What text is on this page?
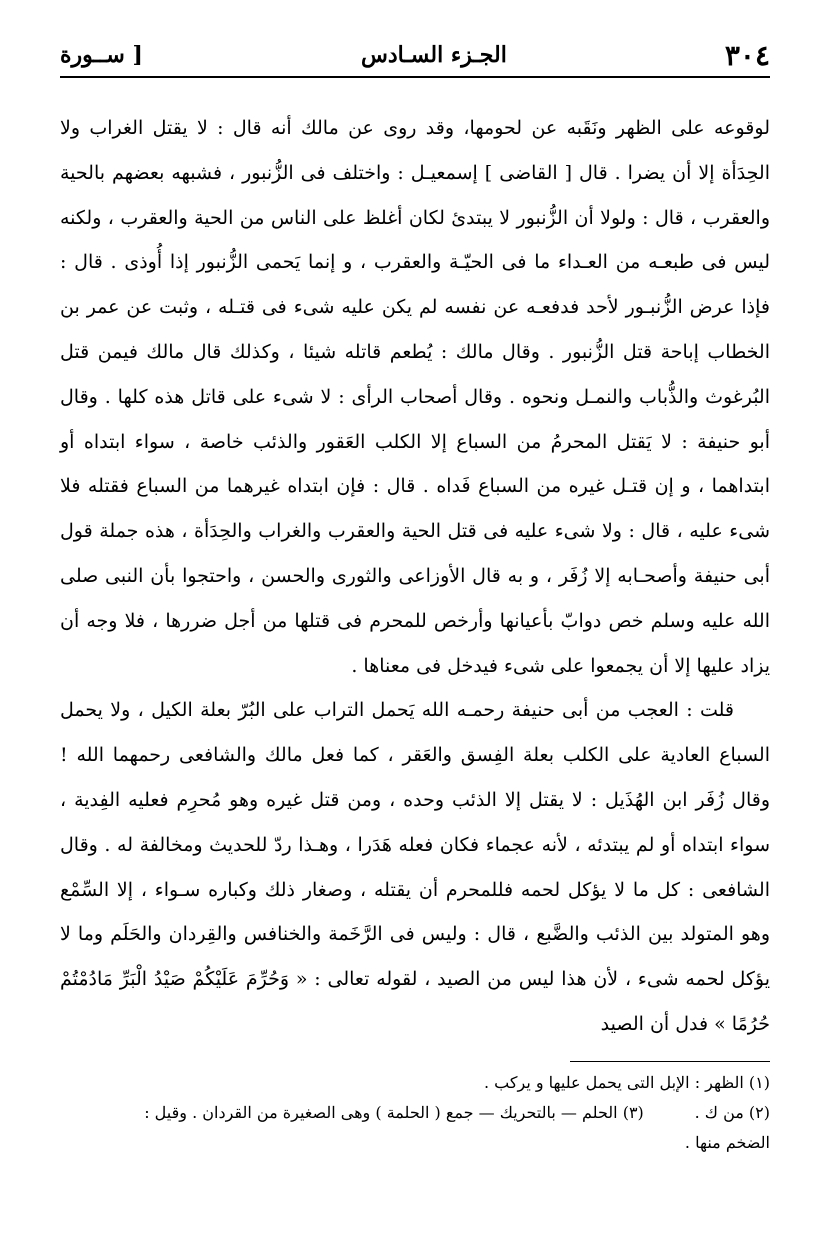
٣٠٤
الجـزء السـادس
[ ســورة

لوقوعه على الظهر ونَقَبه عن لحومها، وقد روى عن مالك أنه قال : لا يقتل الغراب ولا الحِدَأة إلا أن يضرا . قال [ القاضى ] إسمعيـل : واختلف فى الزُّنبور ، فشبهه بعضهم بالحية والعقرب ، قال : ولولا أن الزُّنبور لا يبتدئ لكان أغلظ على الناس من الحية والعقرب ، ولكنه ليس فى طبعـه من العـداء ما فى الحيّـة والعقرب ، و إنما يَحمى الزُّنبور إذا أُوذى . قال : فإذا عرض الزُّنبـور لأحد فدفعـه عن نفسه لم يكن عليه شىء فى قتـله ، وثبت عن عمر بن الخطاب إباحة قتل الزُّنبور . وقال مالك : يُطعم قاتله شيئا ، وكذلك قال مالك فيمن قتل البُرغوث والذُّباب والنمـل ونحوه . وقال أصحاب الرأى : لا شىء على قاتل هذه كلها . وقال أبو حنيفة : لا يَقتل المحرمُ من السباع إلا الكلب العَقور والذئب خاصة ، سواء ابتداه أو ابتداهما ، و إن قتـل غيره من السباع فَداه . قال : فإن ابتداه غيرهما من السباع فقتله فلا شىء عليه ، قال : ولا شىء عليه فى قتل الحية والعقرب والغراب والحِدَأة ، هذه جملة قول أبى حنيفة وأصحـابه إلا زُفَر ، و به قال الأوزاعى والثورى والحسن ، واحتجوا بأن النبى صلى الله عليه وسلم خص دوابّ بأعيانها وأرخص للمحرم فى قتلها من أجل ضررها ، فلا وجه أن يزاد عليها إلا أن يجمعوا على شىء فيدخل فى معناها .

قلت : العجب من أبى حنيفة رحمـه الله يَحمل التراب على البُرّ بعلة الكيل ، ولا يحمل السباع العادية على الكلب بعلة الفِسق والعَقر ، كما فعل مالك والشافعى رحمهما الله ! وقال زُفَر ابن الهُذَيل : لا يقتل إلا الذئب وحده ، ومن قتل غيره وهو مُحرِم فعليه الفِدية ، سواء ابتداه أو لم يبتدئه ، لأنه عجماء فكان فعله هَدَرا ، وهـذا ردّ للحديث ومخالفة له . وقال الشافعى : كل ما لا يؤكل لحمه فللمحرم أن يقتله ، وصغار ذلك وكباره سـواء ، إلا السِّمْع وهو المتولد بين الذئب والضَّبع ، قال : وليس فى الرَّخَمة والخنافس والقِردان والحَلَم وما لا يؤكل لحمه شىء ، لأن هذا ليس من الصيد ، لقوله تعالى : « وَحُرِّمَ عَلَيْكُمْ صَيْدُ الْبَرِّ مَادُمْتُمْ حُرُمًا » فدل أن الصيد

(١) الظهر : الإبل التى يحمل عليها و يركب .

(٢) من ك .          (٣) الحلم — بالتحريك — جمع ( الحلمة ) وهى الصغيرة من القردان . وقيل :

الضخم منها .
